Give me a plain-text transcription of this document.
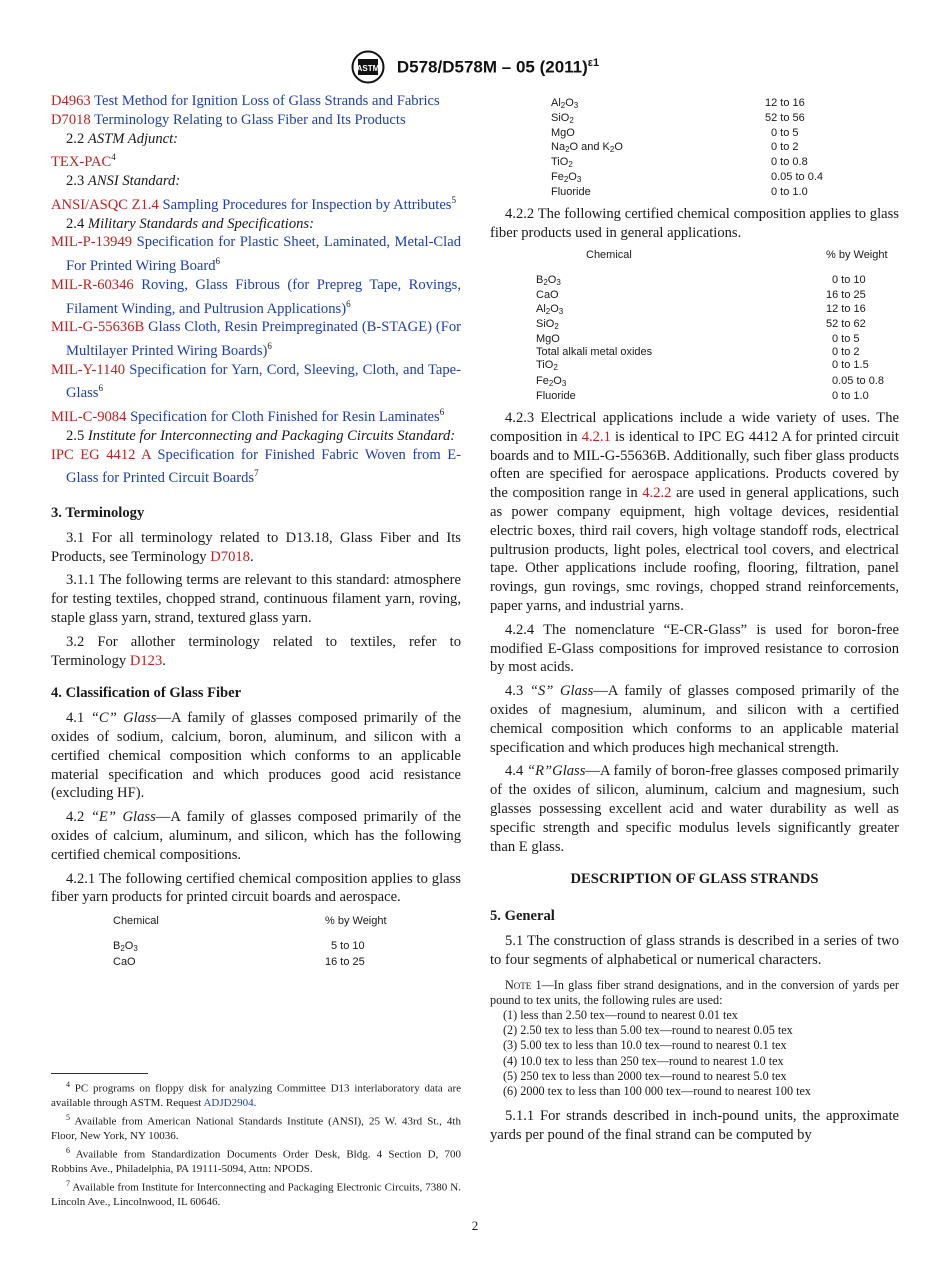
ASTM D578/D578M – 05 $(2011)^{\varepsilon 1}$

D4963 Test Method for Ignition Loss of Glass Strands and Fabrics

D7018 Terminology Relating to Glass Fiber and Its Products

2.2 ASTM Adjunct:

TEX-PAC$^4$

2.3 ANSI Standard:

ANSI/ASQC Z1.4 Sampling Procedures for Inspection by Attributes$^5$

2.4 Military Standards and Specifications:

MIL-P-13949 Specification for Plastic Sheet, Laminated, Metal-Clad For Printed Wiring Board$^6$

MIL-R-60346 Roving, Glass Fibrous (for Prepreg Tape, Rovings, Filament Winding, and Pultrusion Applications)$^6$

MIL-G-55636B Glass Cloth, Resin Preimpreginated (B-STAGE) (For Multilayer Printed Wiring Boards)$^6$

MIL-Y-1140 Specification for Yarn, Cord, Sleeving, Cloth, and Tape-Glass$^6$

MIL-C-9084 Specification for Cloth Finished for Resin Laminates$^6$

2.5 Institute for Interconnecting and Packaging Circuits Standard:

IPC EG 4412 A Specification for Finished Fabric Woven from E-Glass for Printed Circuit Boards$^7$

3. Terminology

3.1 For all terminology related to D13.18, Glass Fiber and Its Products, see Terminology D7018.

3.1.1 The following terms are relevant to this standard: atmosphere for testing textiles, chopped strand, continuous filament yarn, roving, staple glass yarn, strand, textured glass yarn.

3.2 For allother terminology related to textiles, refer to Terminology D123.

4. Classification of Glass Fiber

4.1 “C” Glass—A family of glasses composed primarily of the oxides of sodium, calcium, boron, aluminum, and silicon with a certified chemical composition which conforms to an applicable material specification and which produces good acid resistance (excluding HF).

4.2 “E” Glass—A family of glasses composed primarily of the oxides of calcium, aluminum, and silicon, which has the following certified chemical compositions.

4.2.1 The following certified chemical composition applies to glass fiber yarn products for printed circuit boards and aerospace.

Chemical	% by Weight
B2O3	5 to 10
CaO	16 to 25

$^4$ PC programs on floppy disk for analyzing Committee D13 interlaboratory data are available through ASTM. Request ADJD2904.

$^5$ Available from American National Standards Institute (ANSI), 25 W. 43rd St., 4th Floor, New York, NY 10036.

$^6$ Available from Standardization Documents Order Desk, Bldg. 4 Section D, 700 Robbins Ave., Philadelphia, PA 19111-5094, Attn: NPODS.

$^7$ Available from Institute for Interconnecting and Packaging Electronic Circuits, 7380 N. Lincoln Ave., Lincolnwood, IL 60646.

Al2O3	12 to 16
SiO2	52 to 56
MgO	0 to 5
Na2O and K2O	0 to 2
TiO2	0 to 0.8
Fe2O3	0.05 to 0.4
Fluoride	0 to 1.0

4.2.2 The following certified chemical composition applies to glass fiber products used in general applications.

Chemical	% by Weight
B2O3	0 to 10
CaO	16 to 25
Al2O3	12 to 16
SiO2	52 to 62
MgO	0 to 5
Total alkali metal oxides	0 to 2
TiO2	0 to 1.5
Fe2O3	0.05 to 0.8
Fluoride	0 to 1.0

4.2.3 Electrical applications include a wide variety of uses. The composition in 4.2.1 is identical to IPC EG 4412 A for printed circuit boards and to MIL-G-55636B. Additionally, such fiber glass products often are specified for aerospace applications. Products covered by the composition range in 4.2.2 are used in general applications, such as power company equipment, high voltage devices, residential electric boxes, third rail covers, high voltage standoff rods, electrical pultrusion products, light poles, electrical tool covers, and electrical tape. Other applications include roofing, flooring, filtration, panel rovings, gun rovings, smc rovings, chopped strand reinforcements, paper yarns, and industrial yarns.

4.2.4 The nomenclature “E-CR-Glass” is used for boron-free modified E-Glass compositions for improved resistance to corrosion by most acids.

4.3 “S” Glass—A family of glasses composed primarily of the oxides of magnesium, aluminum, and silicon with a certified chemical composition which conforms to an applicable material specification and which produces high mechanical strength.

4.4 “R”Glass—A family of boron-free glasses composed primarily of the oxides of silicon, aluminum, calcium and magnesium, such glasses possessing excellent acid and water durability as well as specific strength and specific modulus levels significantly greater than E glass.

DESCRIPTION OF GLASS STRANDS

5. General

5.1 The construction of glass strands is described in a series of two to four segments of alphabetical or numerical characters.

Note 1—In glass fiber strand designations, and in the conversion of yards per pound to tex units, the following rules are used:

(1) less than 2.50 tex—round to nearest 0.01 tex

(2) 2.50 tex to less than 5.00 tex—round to nearest 0.05 tex

(3) 5.00 tex to less than 10.0 tex—round to nearest 0.1 tex

(4) 10.0 tex to less than 250 tex—round to nearest 1.0 tex

(5) 250 tex to less than 2000 tex—round to nearest 5.0 tex

(6) 2000 tex to less than 100 000 tex—round to nearest 100 tex

5.1.1 For strands described in inch-pound units, the approximate yards per pound of the final strand can be computed by

2
